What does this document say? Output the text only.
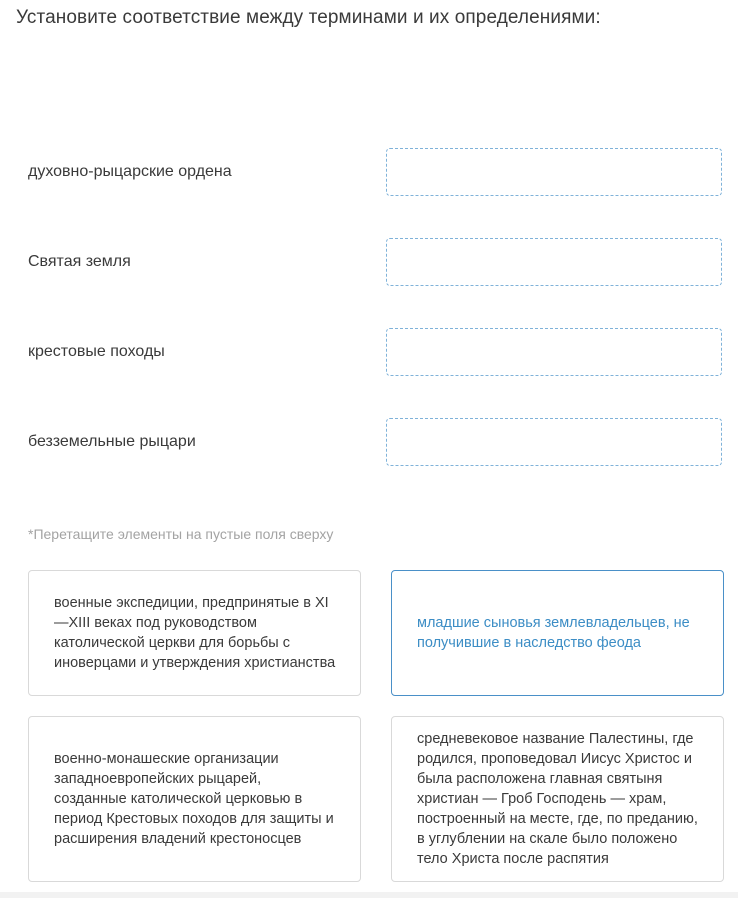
Установите соответствие между терминами и их определениями:
духовно-рыцарские ордена
Святая земля
крестовые походы
безземельные рыцари
*Перетащите элементы на пустые поля сверху
военные экспедиции, предпринятые в XI—XIII веках под руководством католической церкви для борьбы с иноверцами и утверждения христианства
младшие сыновья землевладельцев, не получившие в наследство феода
военно-монашеские организации западноевропейских рыцарей, созданные католической церковью в период Крестовых походов для защиты и расширения владений крестоносцев
средневековое название Палестины, где родился, проповедовал Иисус Христос и была расположена главная святыня христиан — Гроб Господень — храм, построенный на месте, где, по преданию, в углублении на скале было положено тело Христа после распятия
